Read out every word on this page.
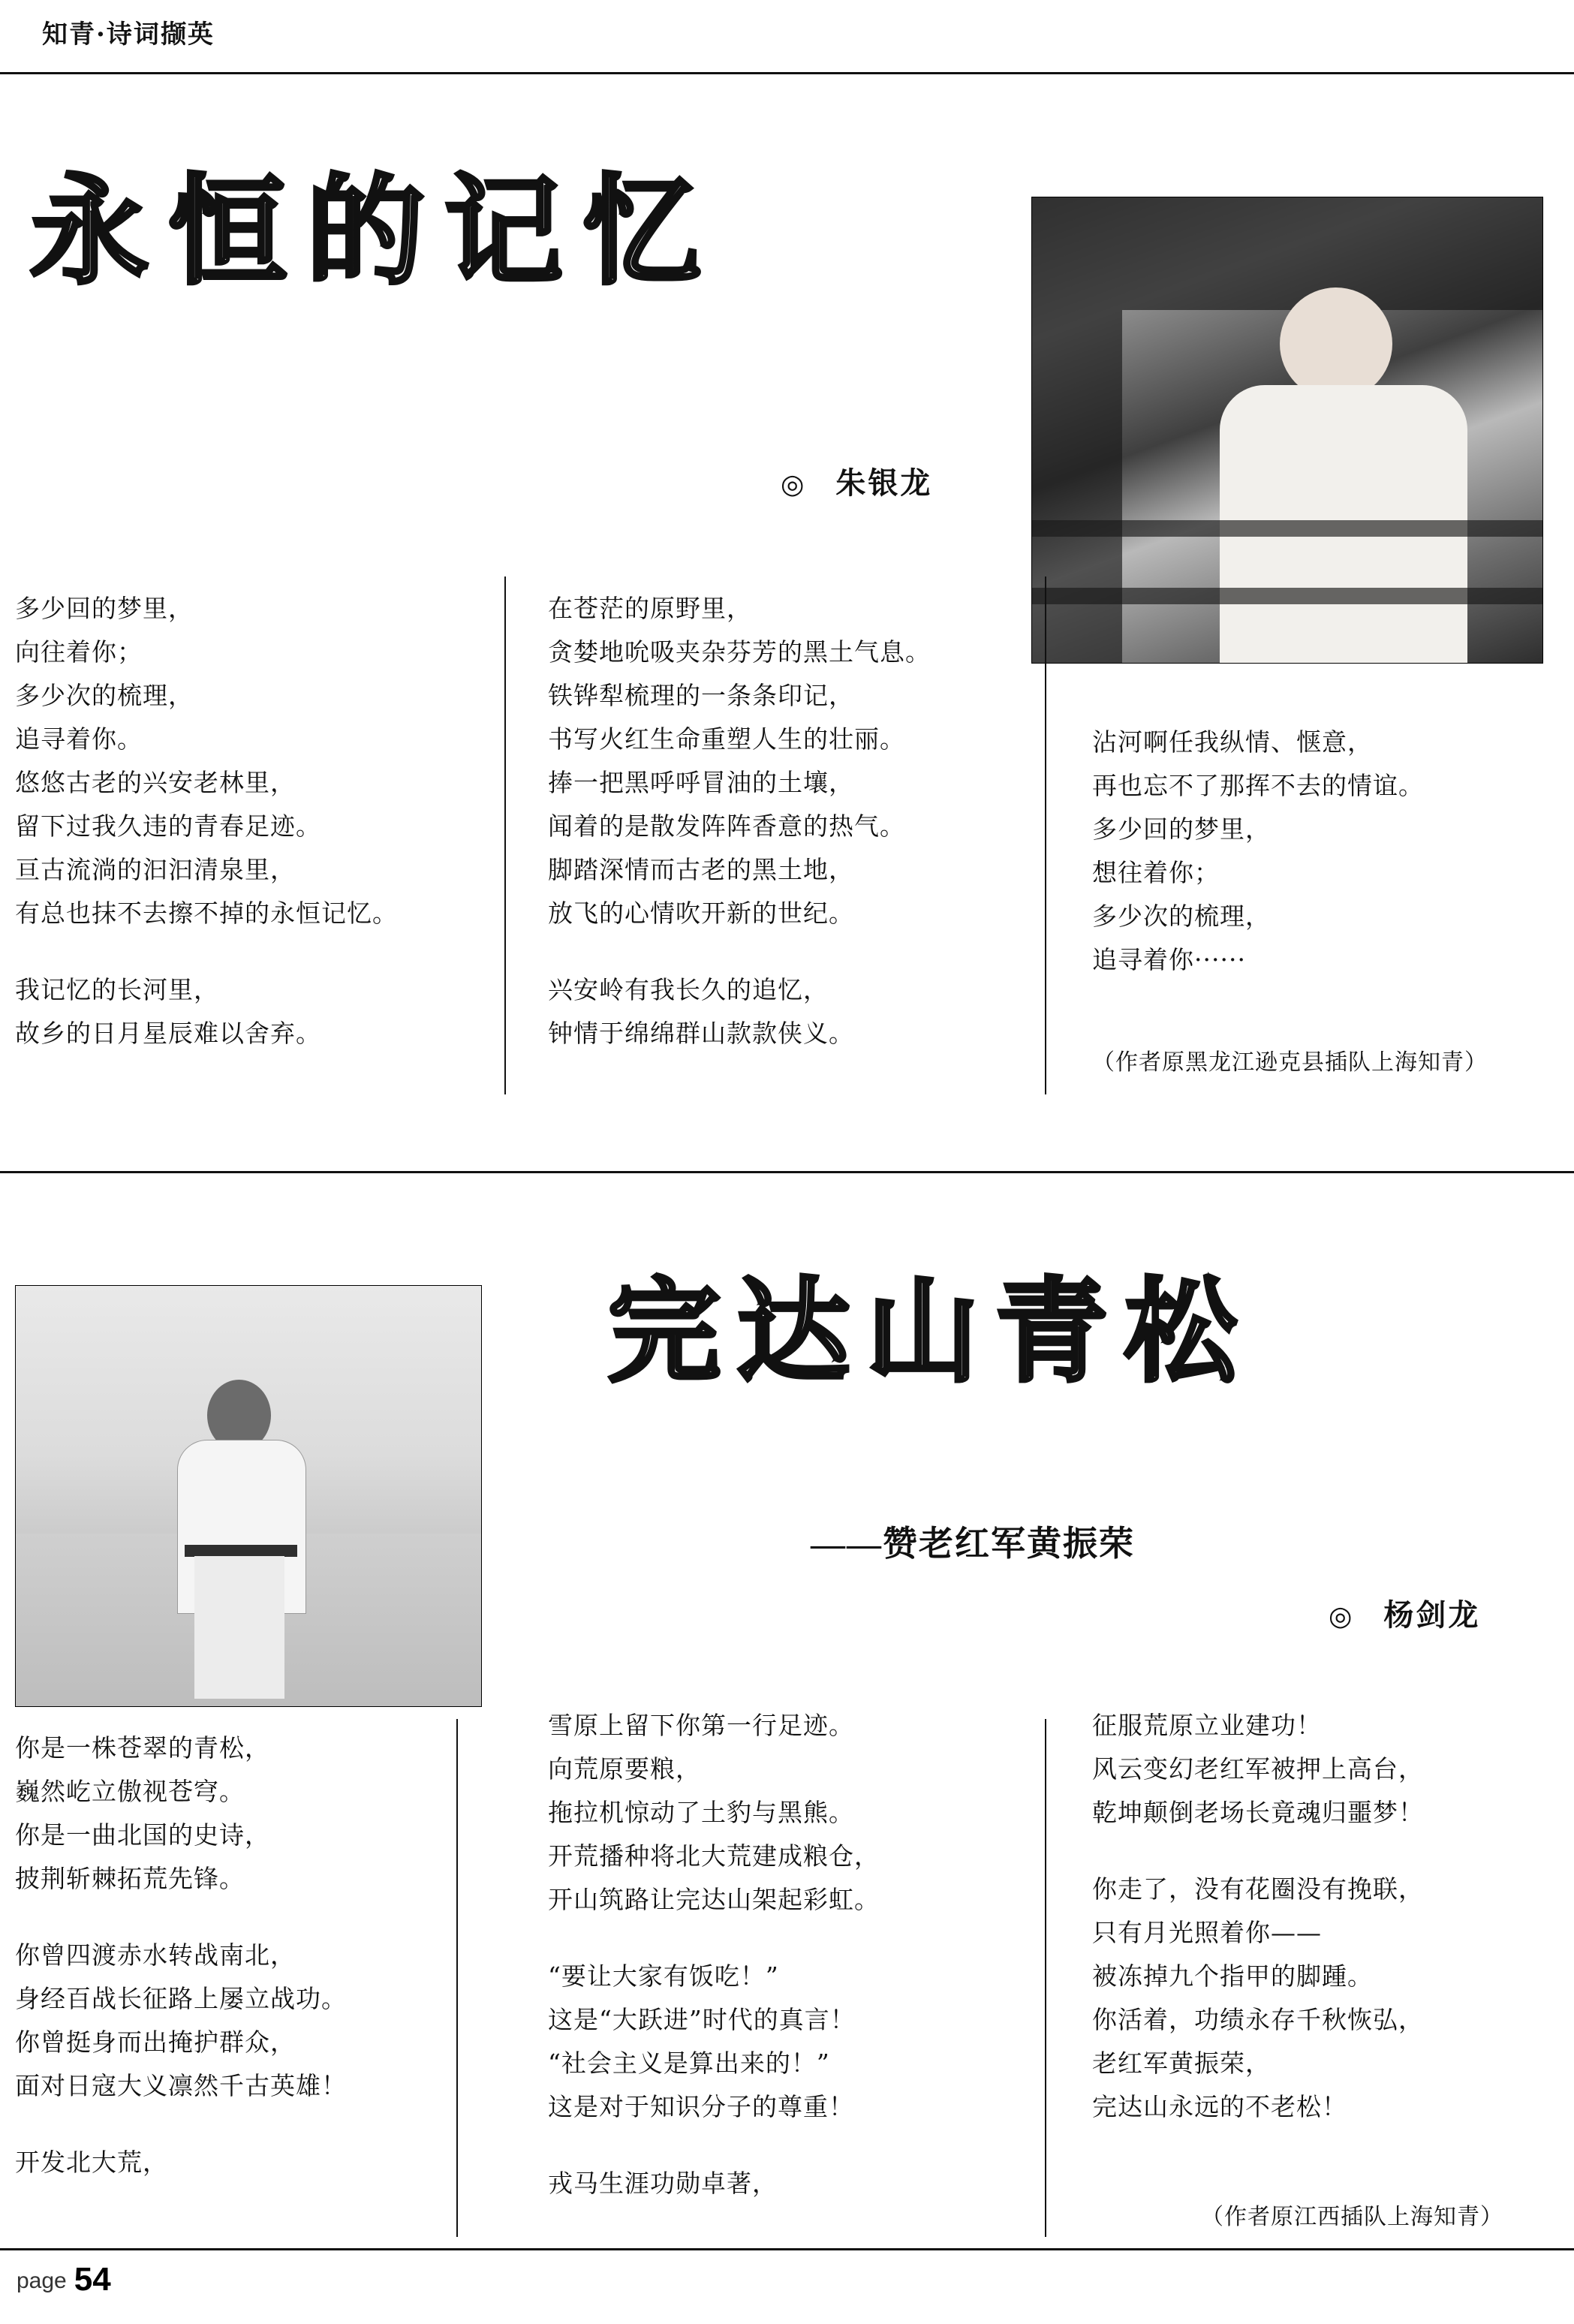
知青·诗词撷英
永恒的记忆
◎ 朱银龙
多少回的梦里，
向往着你；
多少次的梳理，
追寻着你。
悠悠古老的兴安老林里，
留下过我久违的青春足迹。
亘古流淌的汩汩清泉里，
有总也抹不去擦不掉的永恒记忆。
我记忆的长河里，
故乡的日月星辰难以舍弃。
在苍茫的原野里，
贪婪地吮吸夹杂芬芳的黑土气息。
铁铧犁梳理的一条条印记，
书写火红生命重塑人生的壮丽。
捧一把黑呼呼冒油的土壤，
闻着的是散发阵阵香意的热气。
脚踏深情而古老的黑土地，
放飞的心情吹开新的世纪。
兴安岭有我长久的追忆，
钟情于绵绵群山款款侠义。
沾河啊任我纵情、惬意，
再也忘不了那挥不去的情谊。
多少回的梦里，
想往着你；
多少次的梳理，
追寻着你······
（作者原黑龙江逊克县插队上海知青）
完达山青松
——赞老红军黄振荣
◎ 杨剑龙
你是一株苍翠的青松，
巍然屹立傲视苍穹。
你是一曲北国的史诗，
披荆斩棘拓荒先锋。
你曾四渡赤水转战南北，
身经百战长征路上屡立战功。
你曾挺身而出掩护群众，
面对日寇大义凛然千古英雄！
开发北大荒，
雪原上留下你第一行足迹。
向荒原要粮，
拖拉机惊动了土豹与黑熊。
开荒播种将北大荒建成粮仓，
开山筑路让完达山架起彩虹。
“要让大家有饭吃！”
这是“大跃进”时代的真言！
“社会主义是算出来的！”
这是对于知识分子的尊重！
戎马生涯功勋卓著，
征服荒原立业建功！
风云变幻老红军被押上高台，
乾坤颠倒老场长竟魂归噩梦！
你走了，没有花圈没有挽联，
只有月光照着你——
被冻掉九个指甲的脚踵。
你活着，功绩永存千秋恢弘，
老红军黄振荣，
完达山永远的不老松！
（作者原江西插队上海知青）
page 54
